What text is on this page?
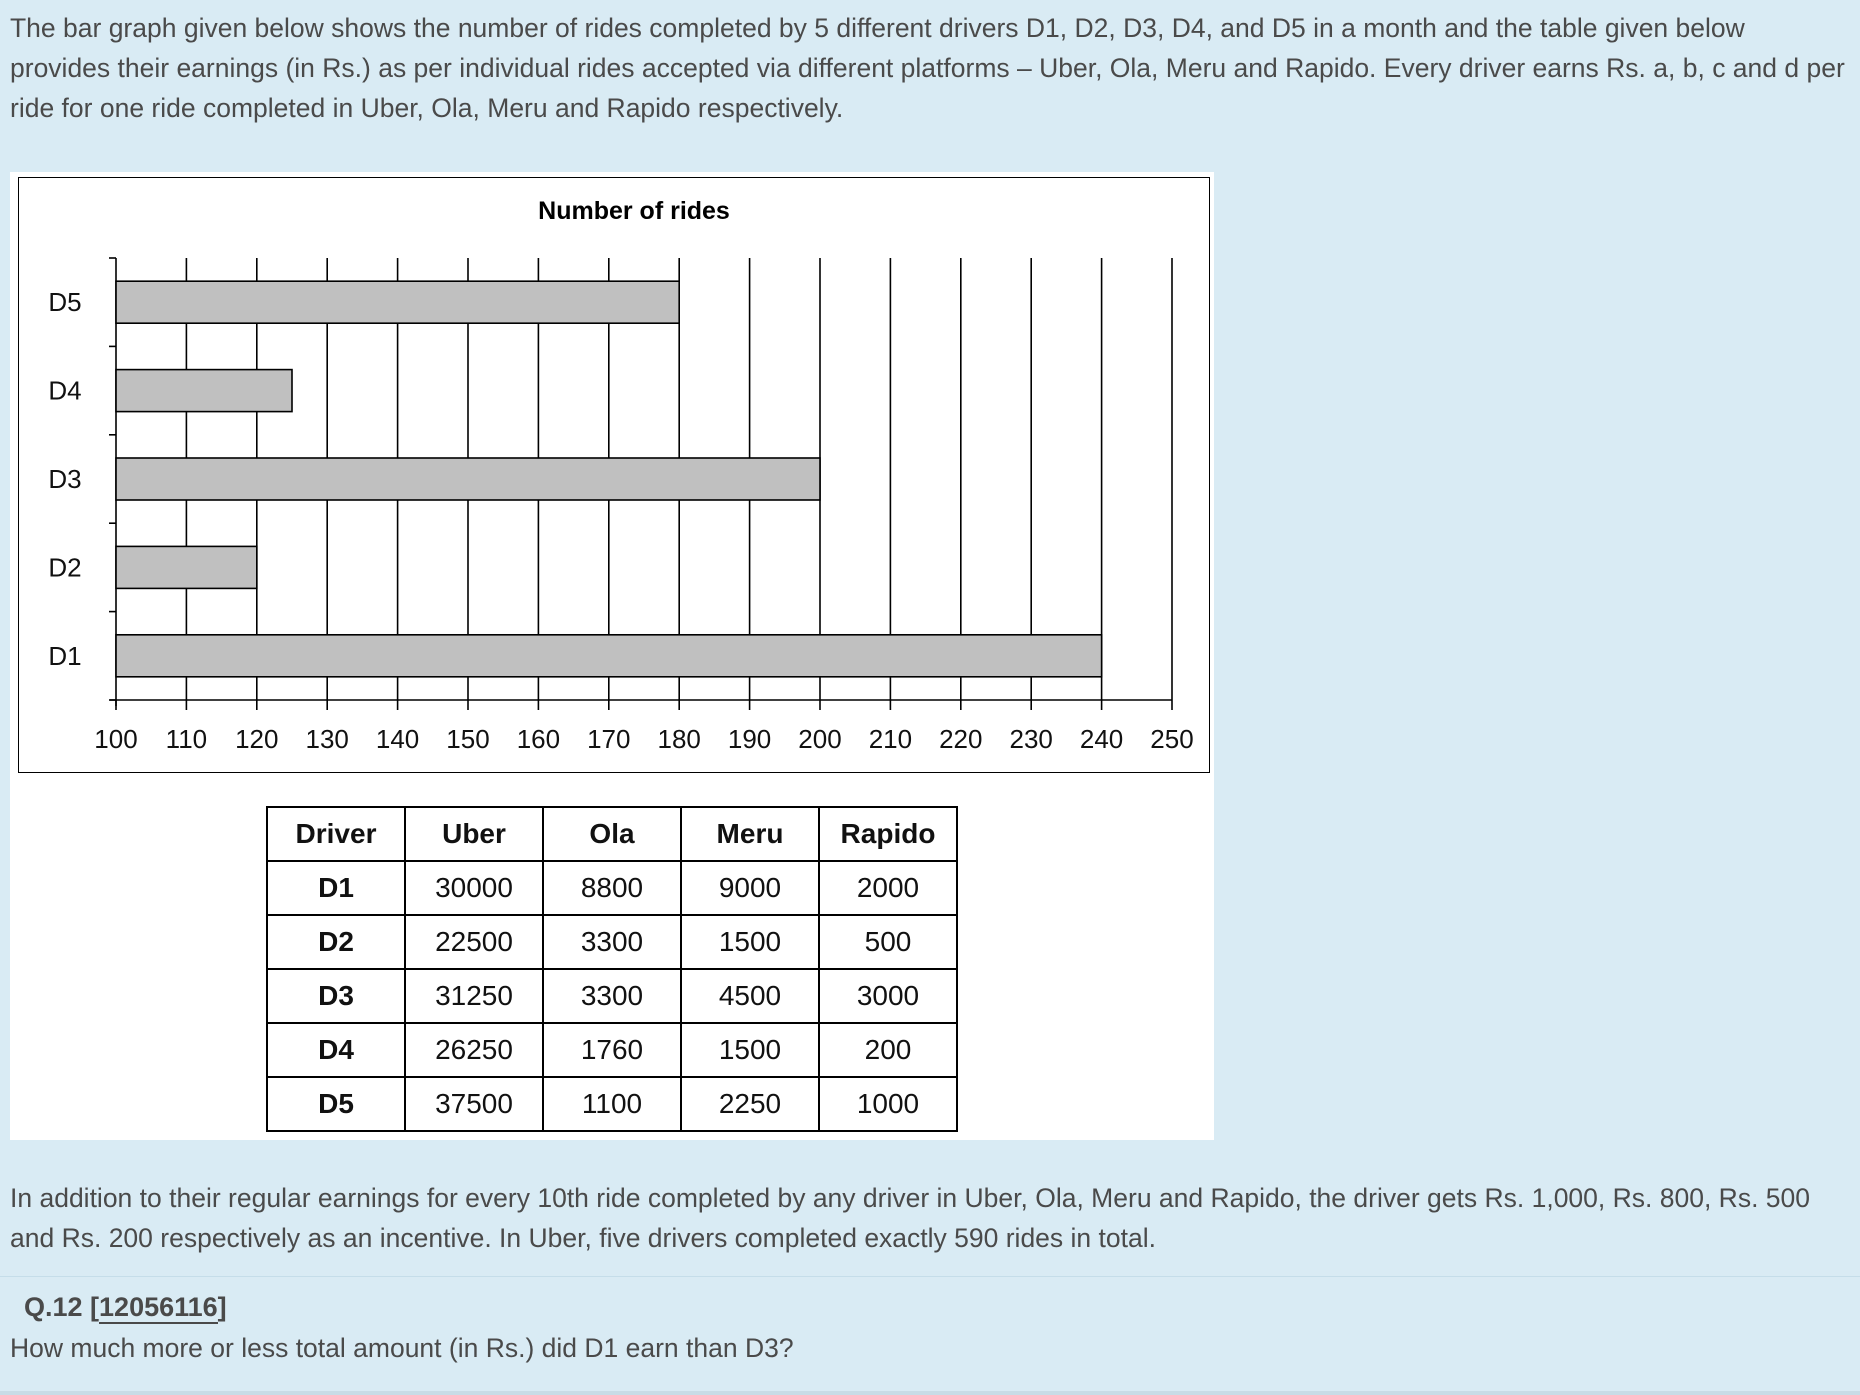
The bar graph given below shows the number of rides completed by 5 different drivers D1, D2, D3, D4, and D5 in a month and the table given below provides their earnings (in Rs.) as per individual rides accepted via different platforms – Uber, Ola, Meru and Rapido. Every driver earns Rs. a, b, c and d per ride for one ride completed in Uber, Ola, Meru and Rapido respectively.

Number of rides
100 110 120 130 140 150 160 170 180 190 200 210 220 230 240 250
D1
D2
D3
D4
D5
Driver	Uber	Ola	Meru	Rapido
D1	30000	8800	9000	2000
D2	22500	3300	1500	500
D3	31250	3300	4500	3000
D4	26250	1760	1500	200
D5	37500	1100	2250	1000

In addition to their regular earnings for every 10th ride completed by any driver in Uber, Ola, Meru and Rapido, the driver gets Rs. 1,000, Rs. 800, Rs. 500 and Rs. 200 respectively as an incentive. In Uber, five drivers completed exactly 590 rides in total.

Q.12 [12056116]
How much more or less total amount (in Rs.) did D1 earn than D3?
